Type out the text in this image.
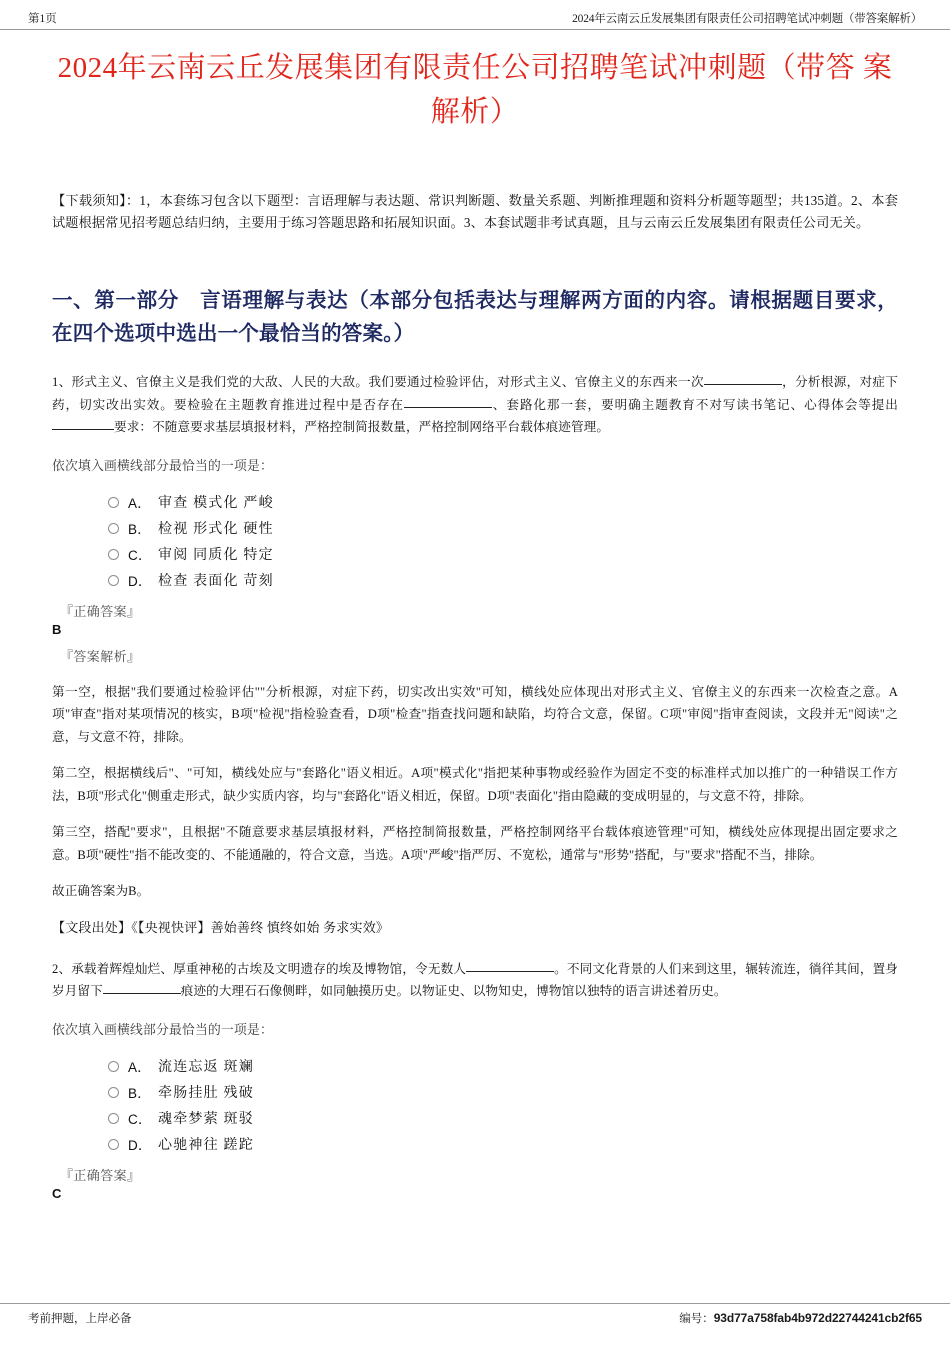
第1页	2024年云南云丘发展集团有限责任公司招聘笔试冲刺题（带答案解析）
2024年云南云丘发展集团有限责任公司招聘笔试冲刺题（带答 案解析）

【下载须知】：1，本套练习包含以下题型：言语理解与表达题、常识判断题、数量关系题、判断推理题和资料分析题等题型；共135道。2、本套试题根据常见招考题总结归纳，主要用于练习答题思路和拓展知识面。3、本套试题非考试真题，且与云南云丘发展集团有限责任公司无关。

一、第一部分　言语理解与表达（本部分包括表达与理解两方面的内容。请根据题目要求，在四个选项中选出一个最恰当的答案。）

1、形式主义、官僚主义是我们党的大敌、人民的大敌。我们要通过检验评估，对形式主义、官僚主义的东西来一次	，分析根源，对症下药，切实改出实效。要检验在主题教育推进过程中是否存在	、套路化那一套，要明确主题教育不对写读书笔记、心得体会等提出要求：不随意要求基层填报材料，严格控制简报数量，严格控制网络平台载体痕迹管理。

依次填入画横线部分最恰当的一项是：

A． 审查 模式化 严峻
B． 检视 形式化 硬性
C． 审阅 同质化 特定
D． 检查 表面化 苛刻
『正确答案』
B
『答案解析』

第一空，根据"我们要通过检验评估""分析根源，对症下药，切实改出实效"可知，横线处应体现出对形式主义、官僚主义的东西来一次检查之意。A项"审查"指对某项情况的核实，B项"检视"指检验查看，D项"检查"指查找问题和缺陷，均符合文意，保留。C项"审阅"指审查阅读，文段并无"阅读"之意，与文意不符，排除。

第二空，根据横线后"、"可知，横线处应与"套路化"语义相近。A项"模式化"指把某种事物或经验作为固定不变的标准样式加以推广的一种错误工作方法，B项"形式化"侧重走形式，缺少实质内容，均与"套路化"语义相近，保留。D项"表面化"指由隐藏的变成明显的，与文意不符，排除。

第三空，搭配"要求"，且根据"不随意要求基层填报材料，严格控制简报数量，严格控制网络平台载体痕迹管理"可知，横线处应体现提出固定要求之意。B项"硬性"指不能改变的、不能通融的，符合文意，当选。A项"严峻"指严厉、不宽松，通常与"形势"搭配，与"要求"搭配不当，排除。

故正确答案为B。

【文段出处】《【央视快评】善始善终 慎终如始 务求实效》

2、承载着辉煌灿烂、厚重神秘的古埃及文明遗存的埃及博物馆，令无数人	。不同文化背景的人们来到这里，辗转流连，徜徉其间，置身岁月留下	痕迹的大理石石像侧畔，如同触摸历史。以物证史、以物知史，博物馆以独特的语言讲述着历史。

依次填入画横线部分最恰当的一项是：

A． 流连忘返 斑斓
B． 牵肠挂肚 残破
C． 魂牵梦萦 斑驳
D． 心驰神往 蹉跎
『正确答案』
C
考前押题，上岸必备	编号：93d77a758fab4b972d22744241cb2f65
